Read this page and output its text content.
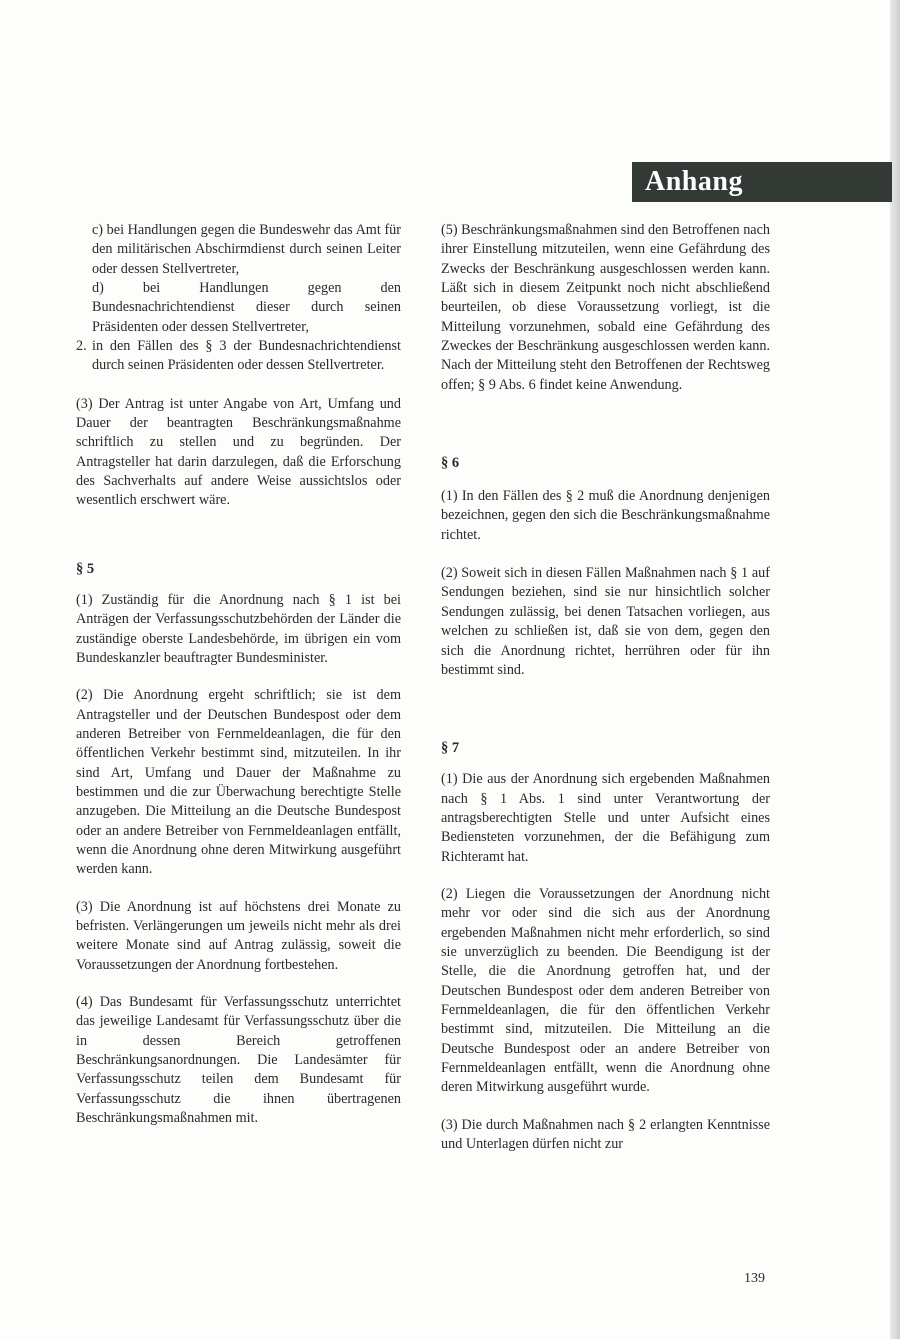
Anhang

c) bei Handlungen gegen die Bundeswehr das Amt für den militärischen Abschirmdienst durch seinen Leiter oder dessen Stellvertreter,

d) bei Handlungen gegen den Bundesnachrichtendienst dieser durch seinen Präsidenten oder dessen Stellvertreter,

2. in den Fällen des § 3 der Bundesnachrichtendienst durch seinen Präsidenten oder dessen Stellvertreter.

(3) Der Antrag ist unter Angabe von Art, Umfang und Dauer der beantragten Beschränkungsmaßnahme schriftlich zu stellen und zu begründen. Der Antragsteller hat darin darzulegen, daß die Erforschung des Sachverhalts auf andere Weise aussichtslos oder wesentlich erschwert wäre.

§ 5

(1) Zuständig für die Anordnung nach § 1 ist bei Anträgen der Verfassungsschutzbehörden der Länder die zuständige oberste Landesbehörde, im übrigen ein vom Bundeskanzler beauftragter Bundesminister.

(2) Die Anordnung ergeht schriftlich; sie ist dem Antragsteller und der Deutschen Bundespost oder dem anderen Betreiber von Fernmeldeanlagen, die für den öffentlichen Verkehr bestimmt sind, mitzuteilen. In ihr sind Art, Umfang und Dauer der Maßnahme zu bestimmen und die zur Überwachung berechtigte Stelle anzugeben. Die Mitteilung an die Deutsche Bundespost oder an andere Betreiber von Fernmeldeanlagen entfällt, wenn die Anordnung ohne deren Mitwirkung ausgeführt werden kann.

(3) Die Anordnung ist auf höchstens drei Monate zu befristen. Verlängerungen um jeweils nicht mehr als drei weitere Monate sind auf Antrag zulässig, soweit die Voraussetzungen der Anordnung fortbestehen.

(4) Das Bundesamt für Verfassungsschutz unterrichtet das jeweilige Landesamt für Verfassungsschutz über die in dessen Bereich getroffenen Beschränkungsanordnungen. Die Landesämter für Verfassungsschutz teilen dem Bundesamt für Verfassungsschutz die ihnen übertragenen Beschränkungsmaßnahmen mit.

(5) Beschränkungsmaßnahmen sind den Betroffenen nach ihrer Einstellung mitzuteilen, wenn eine Gefährdung des Zwecks der Beschränkung ausgeschlossen werden kann. Läßt sich in diesem Zeitpunkt noch nicht abschließend beurteilen, ob diese Voraussetzung vorliegt, ist die Mitteilung vorzunehmen, sobald eine Gefährdung des Zweckes der Beschränkung ausgeschlossen werden kann. Nach der Mitteilung steht den Betroffenen der Rechtsweg offen; § 9 Abs. 6 findet keine Anwendung.

§ 6

(1) In den Fällen des § 2 muß die Anordnung denjenigen bezeichnen, gegen den sich die Beschränkungsmaßnahme richtet.

(2) Soweit sich in diesen Fällen Maßnahmen nach § 1 auf Sendungen beziehen, sind sie nur hinsichtlich solcher Sendungen zulässig, bei denen Tatsachen vorliegen, aus welchen zu schließen ist, daß sie von dem, gegen den sich die Anordnung richtet, herrühren oder für ihn bestimmt sind.

§ 7

(1) Die aus der Anordnung sich ergebenden Maßnahmen nach § 1 Abs. 1 sind unter Verantwortung der antragsberechtigten Stelle und unter Aufsicht eines Bediensteten vorzunehmen, der die Befähigung zum Richteramt hat.

(2) Liegen die Voraussetzungen der Anordnung nicht mehr vor oder sind die sich aus der Anordnung ergebenden Maßnahmen nicht mehr erforderlich, so sind sie unverzüglich zu beenden. Die Beendigung ist der Stelle, die die Anordnung getroffen hat, und der Deutschen Bundespost oder dem anderen Betreiber von Fernmeldeanlagen, die für den öffentlichen Verkehr bestimmt sind, mitzuteilen. Die Mitteilung an die Deutsche Bundespost oder an andere Betreiber von Fernmeldeanlagen entfällt, wenn die Anordnung ohne deren Mitwirkung ausgeführt wurde.

(3) Die durch Maßnahmen nach § 2 erlangten Kenntnisse und Unterlagen dürfen nicht zur

139
